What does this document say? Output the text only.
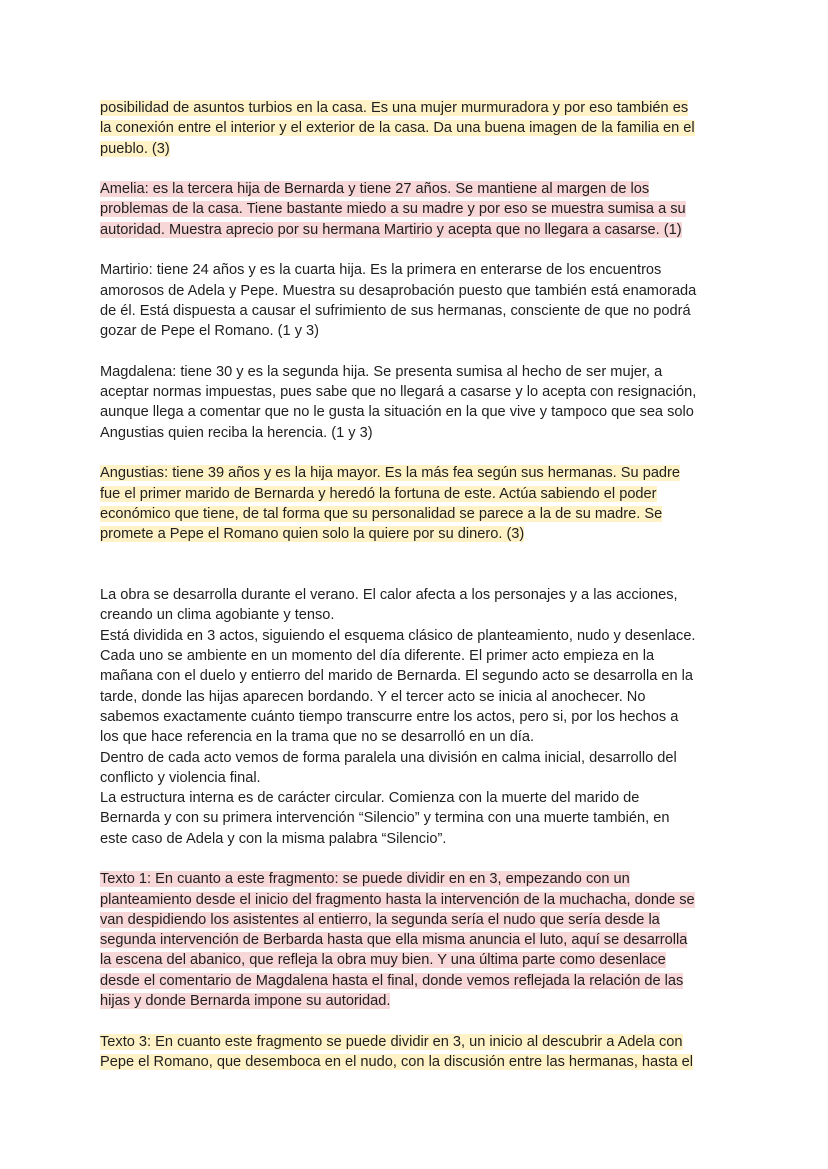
posibilidad de asuntos turbios en la casa. Es una mujer murmuradora y por eso también es
la conexión entre el interior y el exterior de la casa. Da una buena imagen de la familia en el
pueblo. (3)
Amelia: es la tercera hija de Bernarda y tiene 27 años. Se mantiene al margen de los
problemas de la casa. Tiene bastante miedo a su madre y por eso se muestra sumisa a su
autoridad. Muestra aprecio por su hermana Martirio y acepta que no llegara a casarse. (1)
Martirio: tiene 24 años y es la cuarta hija. Es la primera en enterarse de los encuentros
amorosos de Adela y Pepe. Muestra su desaprobación puesto que también está enamorada
de él. Está dispuesta a causar el sufrimiento de sus hermanas, consciente de que no podrá
gozar de Pepe el Romano. (1 y 3)
Magdalena: tiene 30 y es la segunda hija. Se presenta sumisa al hecho de ser mujer, a
aceptar normas impuestas, pues sabe que no llegará a casarse y lo acepta con resignación,
aunque llega a comentar que no le gusta la situación en la que vive y tampoco que sea solo
Angustias quien reciba la herencia. (1 y 3)
Angustias: tiene 39 años y es la hija mayor. Es la más fea según sus hermanas. Su padre
fue el primer marido de Bernarda y heredó la fortuna de este. Actúa sabiendo el poder
económico que tiene, de tal forma que su personalidad se parece a la de su madre. Se
promete a Pepe el Romano quien solo la quiere por su dinero. (3)
La obra se desarrolla durante el verano. El calor afecta a los personajes y a las acciones,
creando un clima agobiante y tenso.
Está dividida en 3 actos, siguiendo el esquema clásico de planteamiento, nudo y desenlace.
Cada uno se ambiente en un momento del día diferente. El primer acto empieza en la
mañana con el duelo y entierro del marido de Bernarda. El segundo acto se desarrolla en la
tarde, donde las hijas aparecen bordando. Y el tercer acto se inicia al anochecer. No
sabemos exactamente cuánto tiempo transcurre entre los actos, pero si, por los hechos a
los que hace referencia en la trama que no se desarrolló en un día.
Dentro de cada acto vemos de forma paralela una división en calma inicial, desarrollo del
conflicto y violencia final.
La estructura interna es de carácter circular. Comienza con la muerte del marido de
Bernarda y con su primera intervención “Silencio” y termina con una muerte también, en
este caso de Adela y con la misma palabra “Silencio”.
Texto 1: En cuanto a este fragmento: se puede dividir en en 3, empezando con un
planteamiento desde el inicio del fragmento hasta la intervención de la muchacha, donde se
van despidiendo los asistentes al entierro, la segunda sería el nudo que sería desde la
segunda intervención de Berbarda hasta que ella misma anuncia el luto, aquí se desarrolla
la escena del abanico, que refleja la obra muy bien. Y una última parte como desenlace
desde el comentario de Magdalena hasta el final, donde vemos reflejada la relación de las
hijas y donde Bernarda impone su autoridad.
Texto 3: En cuanto este fragmento se puede dividir en 3, un inicio al descubrir a Adela con
Pepe el Romano, que desemboca en el nudo, con la discusión entre las hermanas, hasta el
